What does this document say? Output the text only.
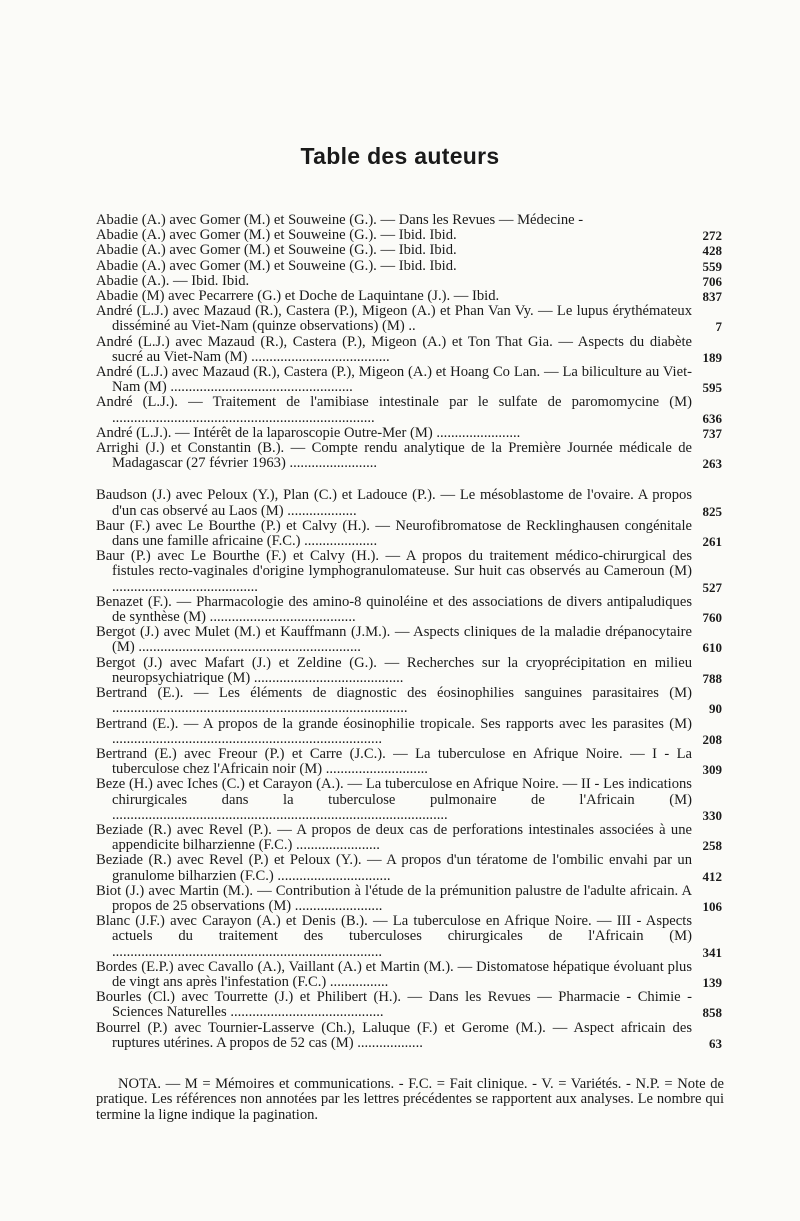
Table des auteurs
Abadie (A.) avec Gomer (M.) et Souweine (G.). — Dans les Revues — Médecine -
Abadie (A.) avec Gomer (M.) et Souweine (G.). — Ibid. Ibid.	272
Abadie (A.) avec Gomer (M.) et Souweine (G.). — Ibid. Ibid.	428
Abadie (A.) avec Gomer (M.) et Souweine (G.). — Ibid. Ibid.	559
Abadie (A.). — Ibid. Ibid.	706
Abadie (M) avec Pecarrere (G.) et Doche de Laquintane (J.). — Ibid.	837
André (L.J.) avec Mazaud (R.), Castera (P.), Migeon (A.) et Phan Van Vy. — Le lupus érythémateux disséminé au Viet-Nam (quinze observations) (M) ..	7
André (L.J.) avec Mazaud (R.), Castera (P.), Migeon (A.) et Ton That Gia. — Aspects du diabète sucré au Viet-Nam (M) ......................................	189
André (L.J.) avec Mazaud (R.), Castera (P.), Migeon (A.) et Hoang Co Lan. — La biliculture au Viet-Nam (M) ..................................................	595
André (L.J.). — Traitement de l'amibiase intestinale par le sulfate de paromomycine (M) ........................................................................	636
André (L.J.). — Intérêt de la laparoscopie Outre-Mer (M) .......................	737
Arrighi (J.) et Constantin (B.). — Compte rendu analytique de la Première Journée médicale de Madagascar (27 février 1963) ........................	263
Baudson (J.) avec Peloux (Y.), Plan (C.) et Ladouce (P.). — Le mésoblastome de l'ovaire. A propos d'un cas observé au Laos (M) ...................	825
Baur (F.) avec Le Bourthe (P.) et Calvy (H.). — Neurofibromatose de Recklinghausen congénitale dans une famille africaine (F.C.) ....................	261
Baur (P.) avec Le Bourthe (F.) et Calvy (H.). — A propos du traitement médico-chirurgical des fistules recto-vaginales d'origine lymphogranulomateuse. Sur huit cas observés au Cameroun (M) ........................................	527
Benazet (F.). — Pharmacologie des amino-8 quinoléine et des associations de divers antipaludiques de synthèse (M) ........................................	760
Bergot (J.) avec Mulet (M.) et Kauffmann (J.M.). — Aspects cliniques de la maladie drépanocytaire (M) .............................................................	610
Bergot (J.) avec Mafart (J.) et Zeldine (G.). — Recherches sur la cryoprécipitation en milieu neuropsychiatrique (M) .........................................	788
Bertrand (E.). — Les éléments de diagnostic des éosinophilies sanguines parasitaires (M) .................................................................................	90
Bertrand (E.). — A propos de la grande éosinophilie tropicale. Ses rapports avec les parasites (M) ..........................................................................	208
Bertrand (E.) avec Freour (P.) et Carre (J.C.). — La tuberculose en Afrique Noire. — I - La tuberculose chez l'Africain noir (M) ............................	309
Beze (H.) avec Iches (C.) et Carayon (A.). — La tuberculose en Afrique Noire. — II - Les indications chirurgicales dans la tuberculose pulmonaire de l'Africain (M) ............................................................................................	330
Beziade (R.) avec Revel (P.). — A propos de deux cas de perforations intestinales associées à une appendicite bilharzienne (F.C.) .......................	258
Beziade (R.) avec Revel (P.) et Peloux (Y.). — A propos d'un tératome de l'ombilic envahi par un granulome bilharzien (F.C.) ...............................	412
Biot (J.) avec Martin (M.). — Contribution à l'étude de la prémunition palustre de l'adulte africain. A propos de 25 observations (M) ........................	106
Blanc (J.F.) avec Carayon (A.) et Denis (B.). — La tuberculose en Afrique Noire. — III - Aspects actuels du traitement des tuberculoses chirurgicales de l'Africain (M) ..........................................................................	341
Bordes (E.P.) avec Cavallo (A.), Vaillant (A.) et Martin (M.). — Distomatose hépatique évoluant plus de vingt ans après l'infestation (F.C.) ................	139
Bourles (Cl.) avec Tourrette (J.) et Philibert (H.). — Dans les Revues — Pharmacie - Chimie - Sciences Naturelles ..........................................	858
Bourrel (P.) avec Tournier-Lasserve (Ch.), Laluque (F.) et Gerome (M.). — Aspect africain des ruptures utérines. A propos de 52 cas (M) ..................	63
NOTA. — M = Mémoires et communications. - F.C. = Fait clinique. - V. = Variétés. - N.P. = Note de pratique. Les références non annotées par les lettres précédentes se rapportent aux analyses. Le nombre qui termine la ligne indique la pagination.
